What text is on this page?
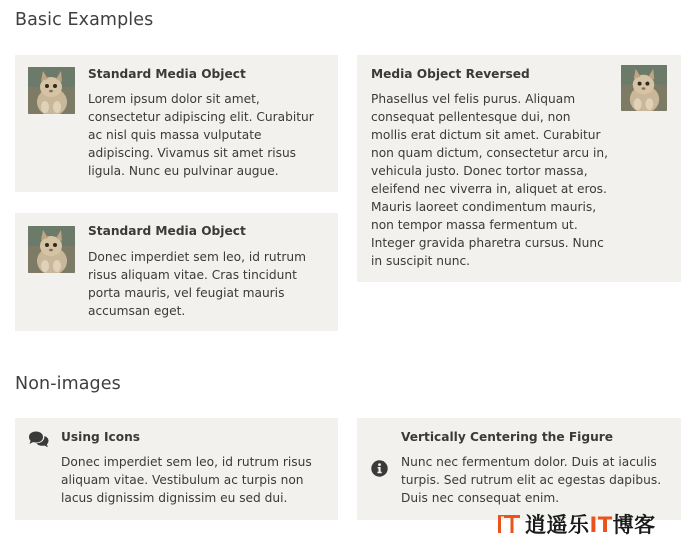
Basic Examples
Standard Media Object
Lorem ipsum dolor sit amet, consectetur adipiscing elit. Curabitur ac nisl quis massa vulputate adipiscing. Vivamus sit amet risus ligula. Nunc eu pulvinar augue.
Standard Media Object
Donec imperdiet sem leo, id rutrum risus aliquam vitae. Cras tincidunt porta mauris, vel feugiat mauris accumsan eget.
Media Object Reversed
Phasellus vel felis purus. Aliquam consequat pellentesque dui, non mollis erat dictum sit amet. Curabitur non quam dictum, consectetur arcu in, vehicula justo. Donec tortor massa, eleifend nec viverra in, aliquet at eros. Mauris laoreet condimentum mauris, non tempor massa fermentum ut. Integer gravida pharetra cursus. Nunc in suscipit nunc.
Non-images
Using Icons
Donec imperdiet sem leo, id rutrum risus aliquam vitae. Vestibulum ac turpis non lacus dignissim dignissim eu sed dui.
Vertically Centering the Figure
Nunc nec fermentum dolor. Duis at iaculis turpis. Sed rutrum elit ac egestas dapibus. Duis nec consequat enim.
逍遥乐IT博客
